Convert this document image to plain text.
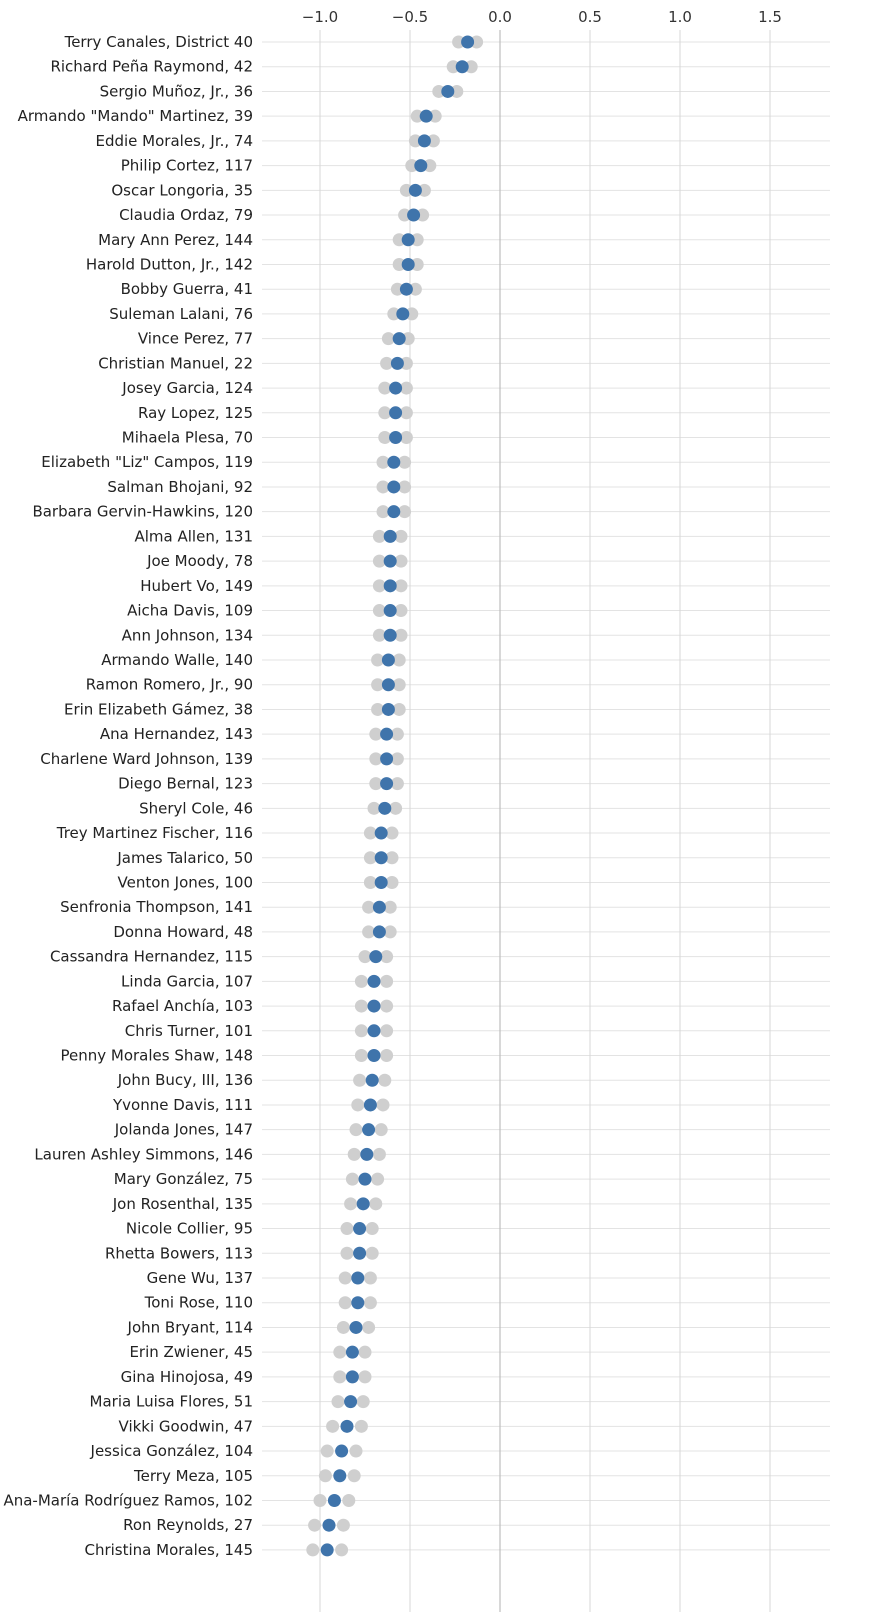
−1.0	−0.5	0.0	0.5	1.0	1.5
Terry Canales, District 40
Richard Peña Raymond, 42
Sergio Muñoz, Jr., 36
Armando "Mando" Martinez, 39
Eddie Morales, Jr., 74
Philip Cortez, 117
Oscar Longoria, 35
Claudia Ordaz, 79
Mary Ann Perez, 144
Harold Dutton, Jr., 142
Bobby Guerra, 41
Suleman Lalani, 76
Vince Perez, 77
Christian Manuel, 22
Josey Garcia, 124
Ray Lopez, 125
Mihaela Plesa, 70
Elizabeth "Liz" Campos, 119
Salman Bhojani, 92
Barbara Gervin-Hawkins, 120
Alma Allen, 131
Joe Moody, 78
Hubert Vo, 149
Aicha Davis, 109
Ann Johnson, 134
Armando Walle, 140
Ramon Romero, Jr., 90
Erin Elizabeth Gámez, 38
Ana Hernandez, 143
Charlene Ward Johnson, 139
Diego Bernal, 123
Sheryl Cole, 46
Trey Martinez Fischer, 116
James Talarico, 50
Venton Jones, 100
Senfronia Thompson, 141
Donna Howard, 48
Cassandra Hernandez, 115
Linda Garcia, 107
Rafael Anchía, 103
Chris Turner, 101
Penny Morales Shaw, 148
John Bucy, III, 136
Yvonne Davis, 111
Jolanda Jones, 147
Lauren Ashley Simmons, 146
Mary González, 75
Jon Rosenthal, 135
Nicole Collier, 95
Rhetta Bowers, 113
Gene Wu, 137
Toni Rose, 110
John Bryant, 114
Erin Zwiener, 45
Gina Hinojosa, 49
Maria Luisa Flores, 51
Vikki Goodwin, 47
Jessica González, 104
Terry Meza, 105
Ana-María Rodríguez Ramos, 102
Ron Reynolds, 27
Christina Morales, 145
